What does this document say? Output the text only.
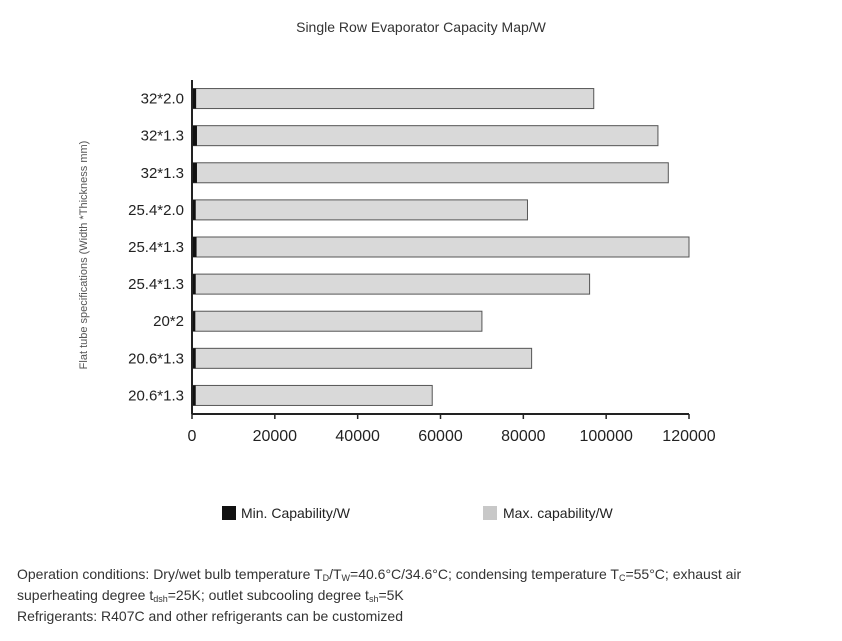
Single Row Evaporator Capacity Map/W
Flat tube specifications (Width *Thickness mm)
32*2.0
32*1.3
32*1.3
25.4*2.0
25.4*1.3
25.4*1.3
20*2
20.6*1.3
20.6*1.3
0	20000 40000 60000 80000 100000 120000
Min. Capability/W	Max. capability/W
Operation conditions: Dry/wet bulb temperature $T_D/T_W=40.6^\circ C/34.6^\circ C$; condensing temperature $T_C=55^\circ C$; exhaust air
superheating degree $t_{dsh}=25K$; outlet subcooling degree $t_{sh}=5K$
Refrigerants: R407C and other refrigerants can be customized
